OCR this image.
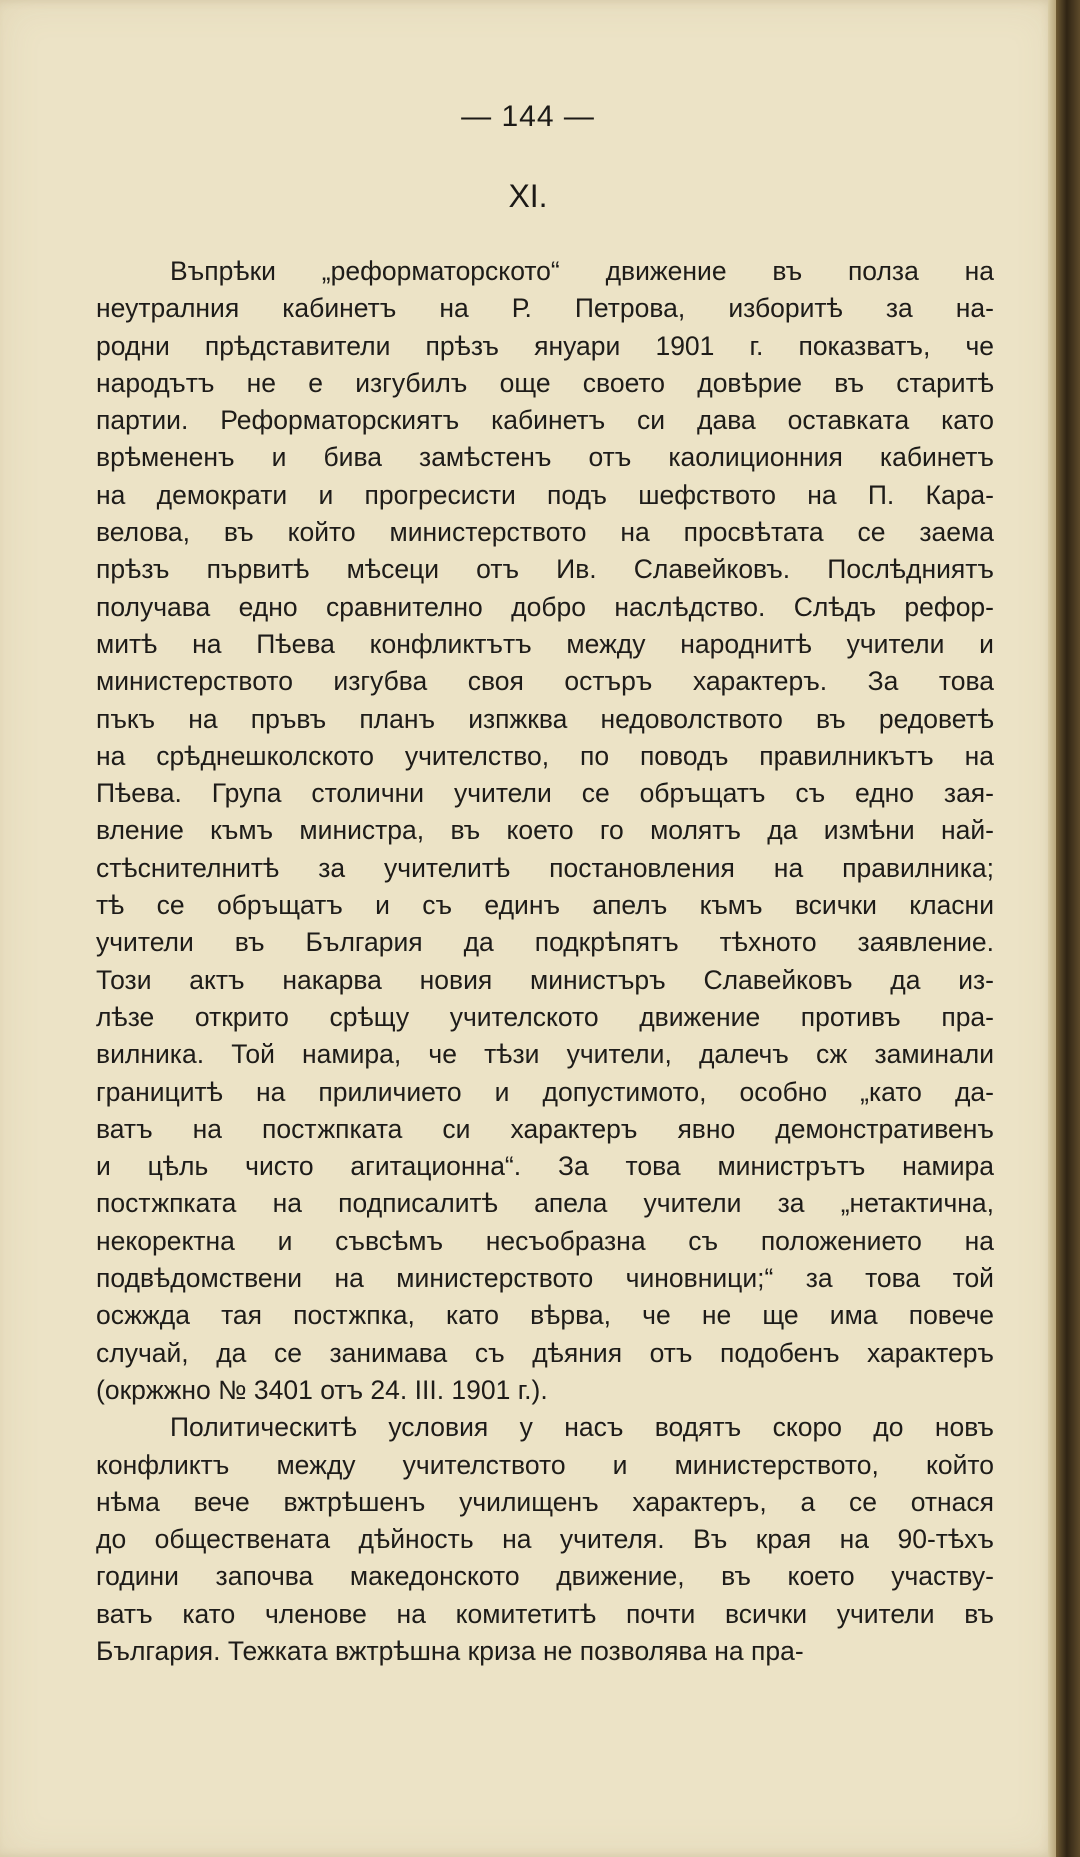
— 144 —
XI.
Въпрѣки „реформаторското“ движение въ полза на
неутралния кабинетъ на Р. Петрова, изборитѣ за на-
родни прѣдставители прѣзъ януари 1901 г. показватъ, че
народътъ не е изгубилъ още своето довѣрие въ старитѣ
партии. Реформаторскиятъ кабинетъ си дава оставката като
врѣмененъ и бива замѣстенъ отъ каолиционния кабинетъ
на демократи и прогресисти подъ шефството на П. Кара-
велова, въ който министерството на просвѣтата се заема
прѣзъ първитѣ мѣсеци отъ Ив. Славейковъ. Послѣдниятъ
получава едно сравнително добро наслѣдство. Слѣдъ рефор-
митѣ на Пѣева конфликтътъ между народнитѣ учители и
министерството изгубва своя остъръ характеръ. За това
пъкъ на пръвъ планъ изпжква недоволството въ редоветѣ
на срѣднешколското учителство, по поводъ правилникътъ на
Пѣева. Група столични учители се обръщатъ съ едно зая-
вление къмъ министра, въ което го молятъ да измѣни най-
стѣснителнитѣ за учителитѣ постановления на правилника;
тѣ се обръщатъ и съ единъ апелъ къмъ всички класни
учители въ България да подкрѣпятъ тѣхното заявление.
Този актъ накарва новия министъръ Славейковъ да из-
лѣзе открито срѣщу учителското движение противъ пра-
вилника. Той намира, че тѣзи учители, далечъ сж заминали
границитѣ на приличието и допустимото, особно „като да-
ватъ на постжпката си характеръ явно демонстративенъ
и цѣль чисто агитационна“. За това министрътъ намира
постжпката на подписалитѣ апела учители за „нетактична,
некоректна и съвсѣмъ несъобразна съ положението на
подвѣдомствени на министерството чиновници;“ за това той
осжжда тая постжпка, като вѣрва, че не ще има повече
случай, да се занимава съ дѣяния отъ подобенъ характеръ
(окржжно № 3401 отъ 24. III. 1901 г.).
Политическитѣ условия у насъ водятъ скоро до новъ
конфликтъ между учителството и министерството, който
нѣма вече вжтрѣшенъ училищенъ характеръ, а се отнася
до обществената дѣйность на учителя. Въ края на 90-тѣхъ
години започва македонското движение, въ което участву-
ватъ като членове на комитетитѣ почти всички учители въ
България. Тежката вжтрѣшна криза не позволява на пра-
